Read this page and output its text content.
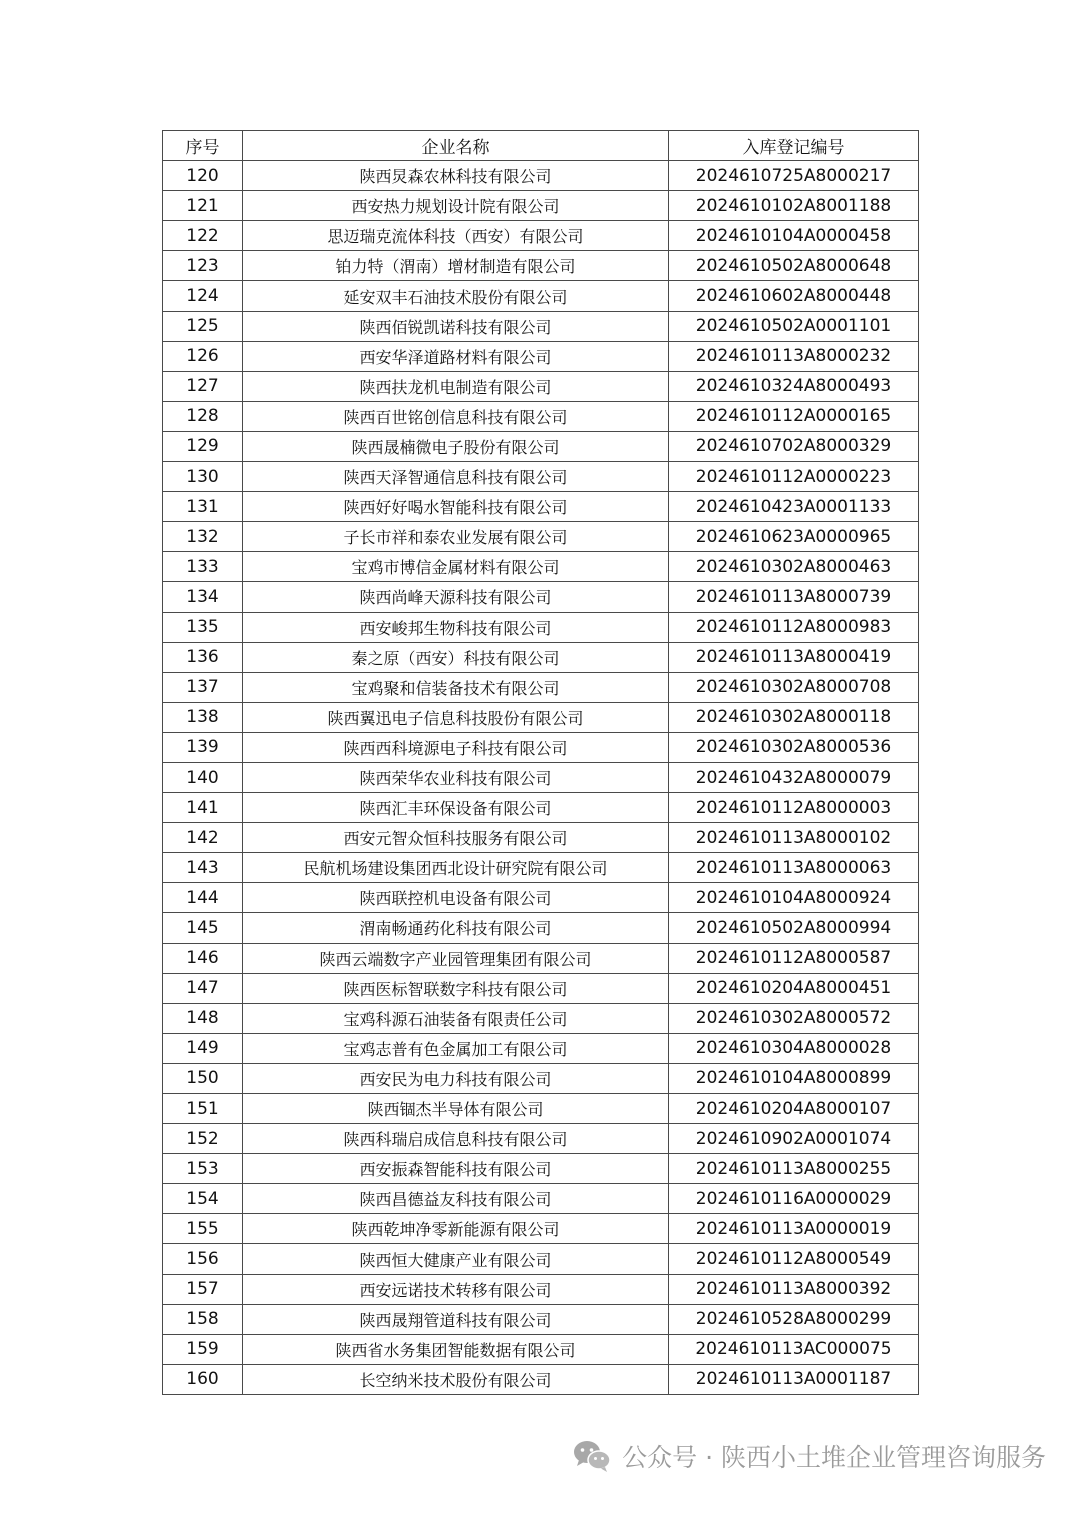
序号	企业名称	入库登记编号
120	陕西炅森农林科技有限公司	2024610725A8000217
121	西安热力规划设计院有限公司	2024610102A8001188
122	思迈瑞克流体科技（西安）有限公司	2024610104A0000458
123	铂力特（渭南）增材制造有限公司	2024610502A8000648
124	延安双丰石油技术股份有限公司	2024610602A8000448
125	陕西佰锐凯诺科技有限公司	2024610502A0001101
126	西安华泽道路材料有限公司	2024610113A8000232
127	陕西扶龙机电制造有限公司	2024610324A8000493
128	陕西百世铭创信息科技有限公司	2024610112A0000165
129	陕西晟楠微电子股份有限公司	2024610702A8000329
130	陕西天泽智通信息科技有限公司	2024610112A0000223
131	陕西好好喝水智能科技有限公司	2024610423A0001133
132	子长市祥和泰农业发展有限公司	2024610623A0000965
133	宝鸡市博信金属材料有限公司	2024610302A8000463
134	陕西尚峰天源科技有限公司	2024610113A8000739
135	西安峻邦生物科技有限公司	2024610112A8000983
136	秦之原（西安）科技有限公司	2024610113A8000419
137	宝鸡聚和信装备技术有限公司	2024610302A8000708
138	陕西翼迅电子信息科技股份有限公司	2024610302A8000118
139	陕西西科境源电子科技有限公司	2024610302A8000536
140	陕西荣华农业科技有限公司	2024610432A8000079
141	陕西汇丰环保设备有限公司	2024610112A8000003
142	西安元智众恒科技服务有限公司	2024610113A8000102
143	民航机场建设集团西北设计研究院有限公司	2024610113A8000063
144	陕西联控机电设备有限公司	2024610104A8000924
145	渭南畅通药化科技有限公司	2024610502A8000994
146	陕西云端数字产业园管理集团有限公司	2024610112A8000587
147	陕西医标智联数字科技有限公司	2024610204A8000451
148	宝鸡科源石油装备有限责任公司	2024610302A8000572
149	宝鸡志普有色金属加工有限公司	2024610304A8000028
150	西安民为电力科技有限公司	2024610104A8000899
151	陕西锢杰半导体有限公司	2024610204A8000107
152	陕西科瑞启成信息科技有限公司	2024610902A0001074
153	西安振森智能科技有限公司	2024610113A8000255
154	陕西昌德益友科技有限公司	2024610116A0000029
155	陕西乾坤净零新能源有限公司	2024610113A0000019
156	陕西恒大健康产业有限公司	2024610112A8000549
157	西安远诺技术转移有限公司	2024610113A8000392
158	陕西晟翔管道科技有限公司	2024610528A8000299
159	陕西省水务集团智能数据有限公司	2024610113AC000075
160	长空纳米技术股份有限公司	2024610113A0001187
公众号 · 陕西小土堆企业管理咨询服务
